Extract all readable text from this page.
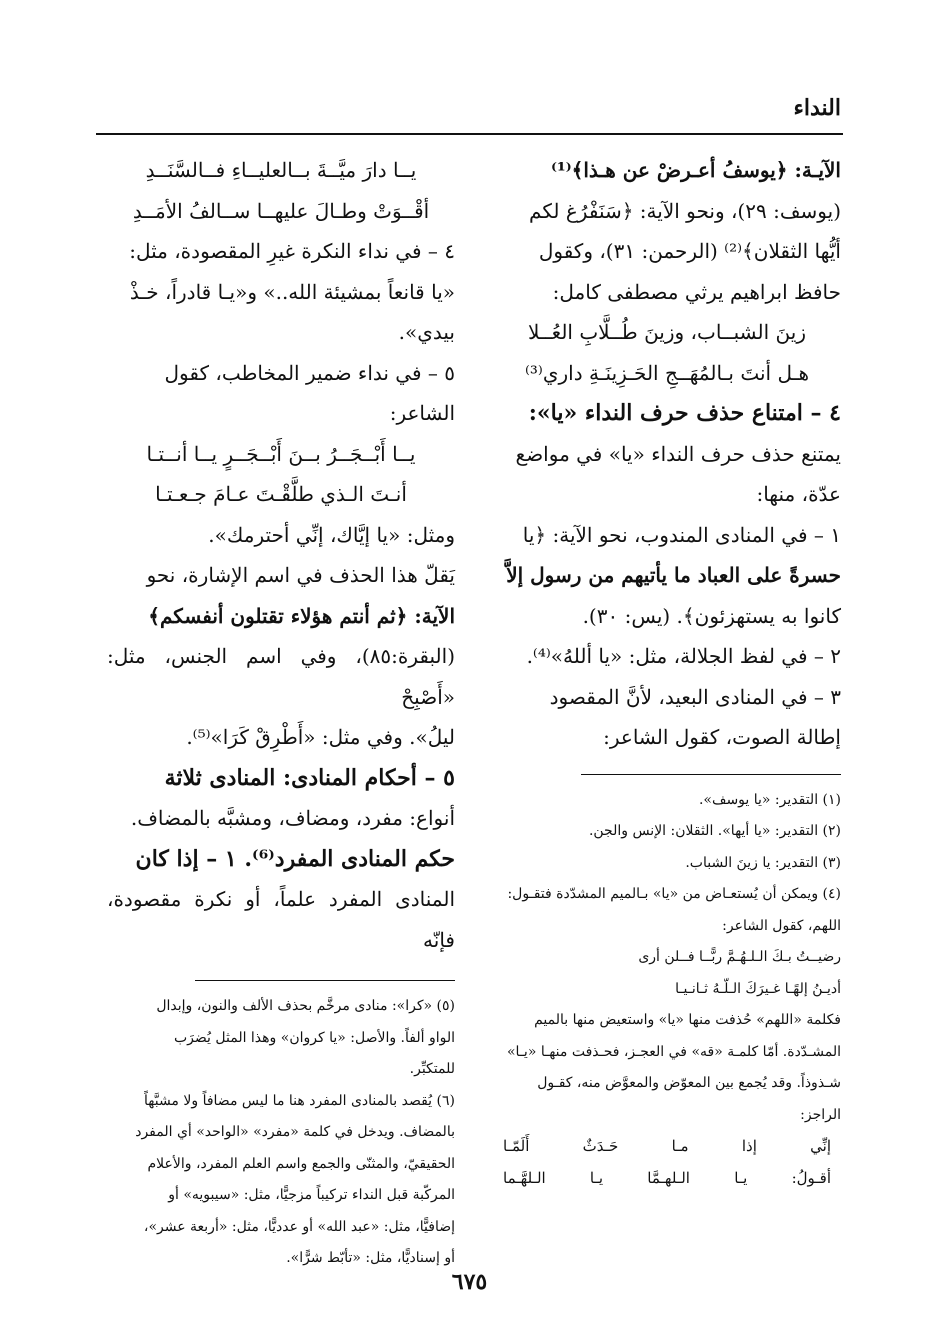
النداء

الآيـة: ﴿يوسفُ أعـرضْ عن هـذا﴾⁽¹⁾

(يوسف: ٢٩)، ونحو الآية: ﴿سَنَفْرُغ لكم

أيُّها الثقلان﴾⁽²⁾ (الرحمن: ٣١)، وكقول

حافظ ابراهيم يرثي مصطفى كامل:

زينَ الشبــاب، وزينَ طُــلَّابِ العُــلا

هـل أنتَ بـالمُهَــجِ الحَـزِينَـةِ داري⁽³⁾

٤ – امتناع حذف حرف النداء «يا»:

يمتنع حذف حرف النداء «يا» في مواضع

عدّة، منها:

١ – في المنادى المندوب، نحو الآية: ﴿يا

حسرةً على العباد ما يأتيهم من رسول إلاَّ

كانوا به يستهزئون﴾. (يس: ٣٠).

٢ – في لفظ الجلالة، مثل: «يا أللهُ»⁽⁴⁾.

٣ – في المنادى البعيد، لأنَّ المقصود

إطالة الصوت، كقول الشاعر:

(١) التقدير: «يا يوسف».

(٢) التقدير: «يا أيها». الثقلان: الإنس والجن.

(٣) التقدير: يا زينَ الشباب.

(٤) ويمكن أن يُستعـاض من «يا» بـالميم المشدّدة فتقـول:

اللهم، كقول الشاعر:

رضيــتُ بـكَ الـلـهُـمَّ ربًّــا فــلن أرى

أديـنُ إلهًـا غـيرَكَ الـلّـهُ ثـانـيـا

فكلمة «اللهم» حُذفت منها «يا» واستعيض منها بالميم

المشـدّدة. أمّا كلمـة «قه» في العجـز، فحـذفت منهـا «يـا»

شـذوذاً. وقد يُجمع بين المعوّض والمعوَّض منه، كقـول

الراجز:

إنِّي
إذا
مـا
حَـدَثٌ
أَلَمّـا
أقـولُ:
يـا
الـلهـمَّا
يـا
الـلهَّـما

يــا دارَ ميَّــةَ بــالعليــاءِ فــالسَّنَــدِ

أقْــوَتْ وطـالَ عليهــا ســالفُ الأمَــدِ

٤ – في نداء النكرة غيرِ المقصودة، مثل:

«يا قانعاً بمشيئة الله..» و«يـا قادراً، خـذْ

بيدي».

٥ – في نداء ضمير المخاطب، كقول

الشاعر:

يــا أَبْــجَــرُ بــنَ أَبْــجَــرٍ يــا أنــتـا

أنـتَ الـذي طلَّقْـتَ عـامَ جـعـتـا

ومثل: «يا إيَّاك، إنِّي أحترمك».

يَقلّ هذا الحذف في اسم الإشارة، نحو

الآية: ﴿ثم أنتم هؤلاء تقتلون أنفسكم﴾

(البقرة:٨٥)، وفي اسم الجنس، مثل: «أَصْبِحْ

ليلُ». وفي مثل: «أَطْرِقْ كَرَا»⁽⁵⁾.

٥ – أحكام المنادى: المنادى ثلاثة

أنواع: مفرد، ومضاف، ومشبَّه بالمضاف.

حكم المنادى المفرد⁽⁶⁾. ١ – إذا كان

المنادى المفرد علماً، أو نكرة مقصودة، فإنّه

(٥) «كرا»: منادى مرخَّم بحذف الألف والنون، وإبدال

الواو ألفاً. والأصل: «يا كروان» وهذا المثل يُضرَب

للمتكبِّر.

(٦) يُقصد بالمنادى المفرد هنا ما ليس مضافاً ولا مشبَّهاً

بالمضاف. ويدخل في كلمة «مفرد» «الواحد» أي المفرد

الحقيقيّ، والمثنّى والجمع واسم العلم المفرد، والأعلام

المركّبة قبل النداء تركيباً مزجيًّا، مثل: «سيبويه» أو

إضافيًّا، مثل: «عبد الله» أو عدديًّا، مثل: «أربعة عشر»،

أو إسناديًّا، مثل: «تأبّط شرًّا».

٦٧٥
